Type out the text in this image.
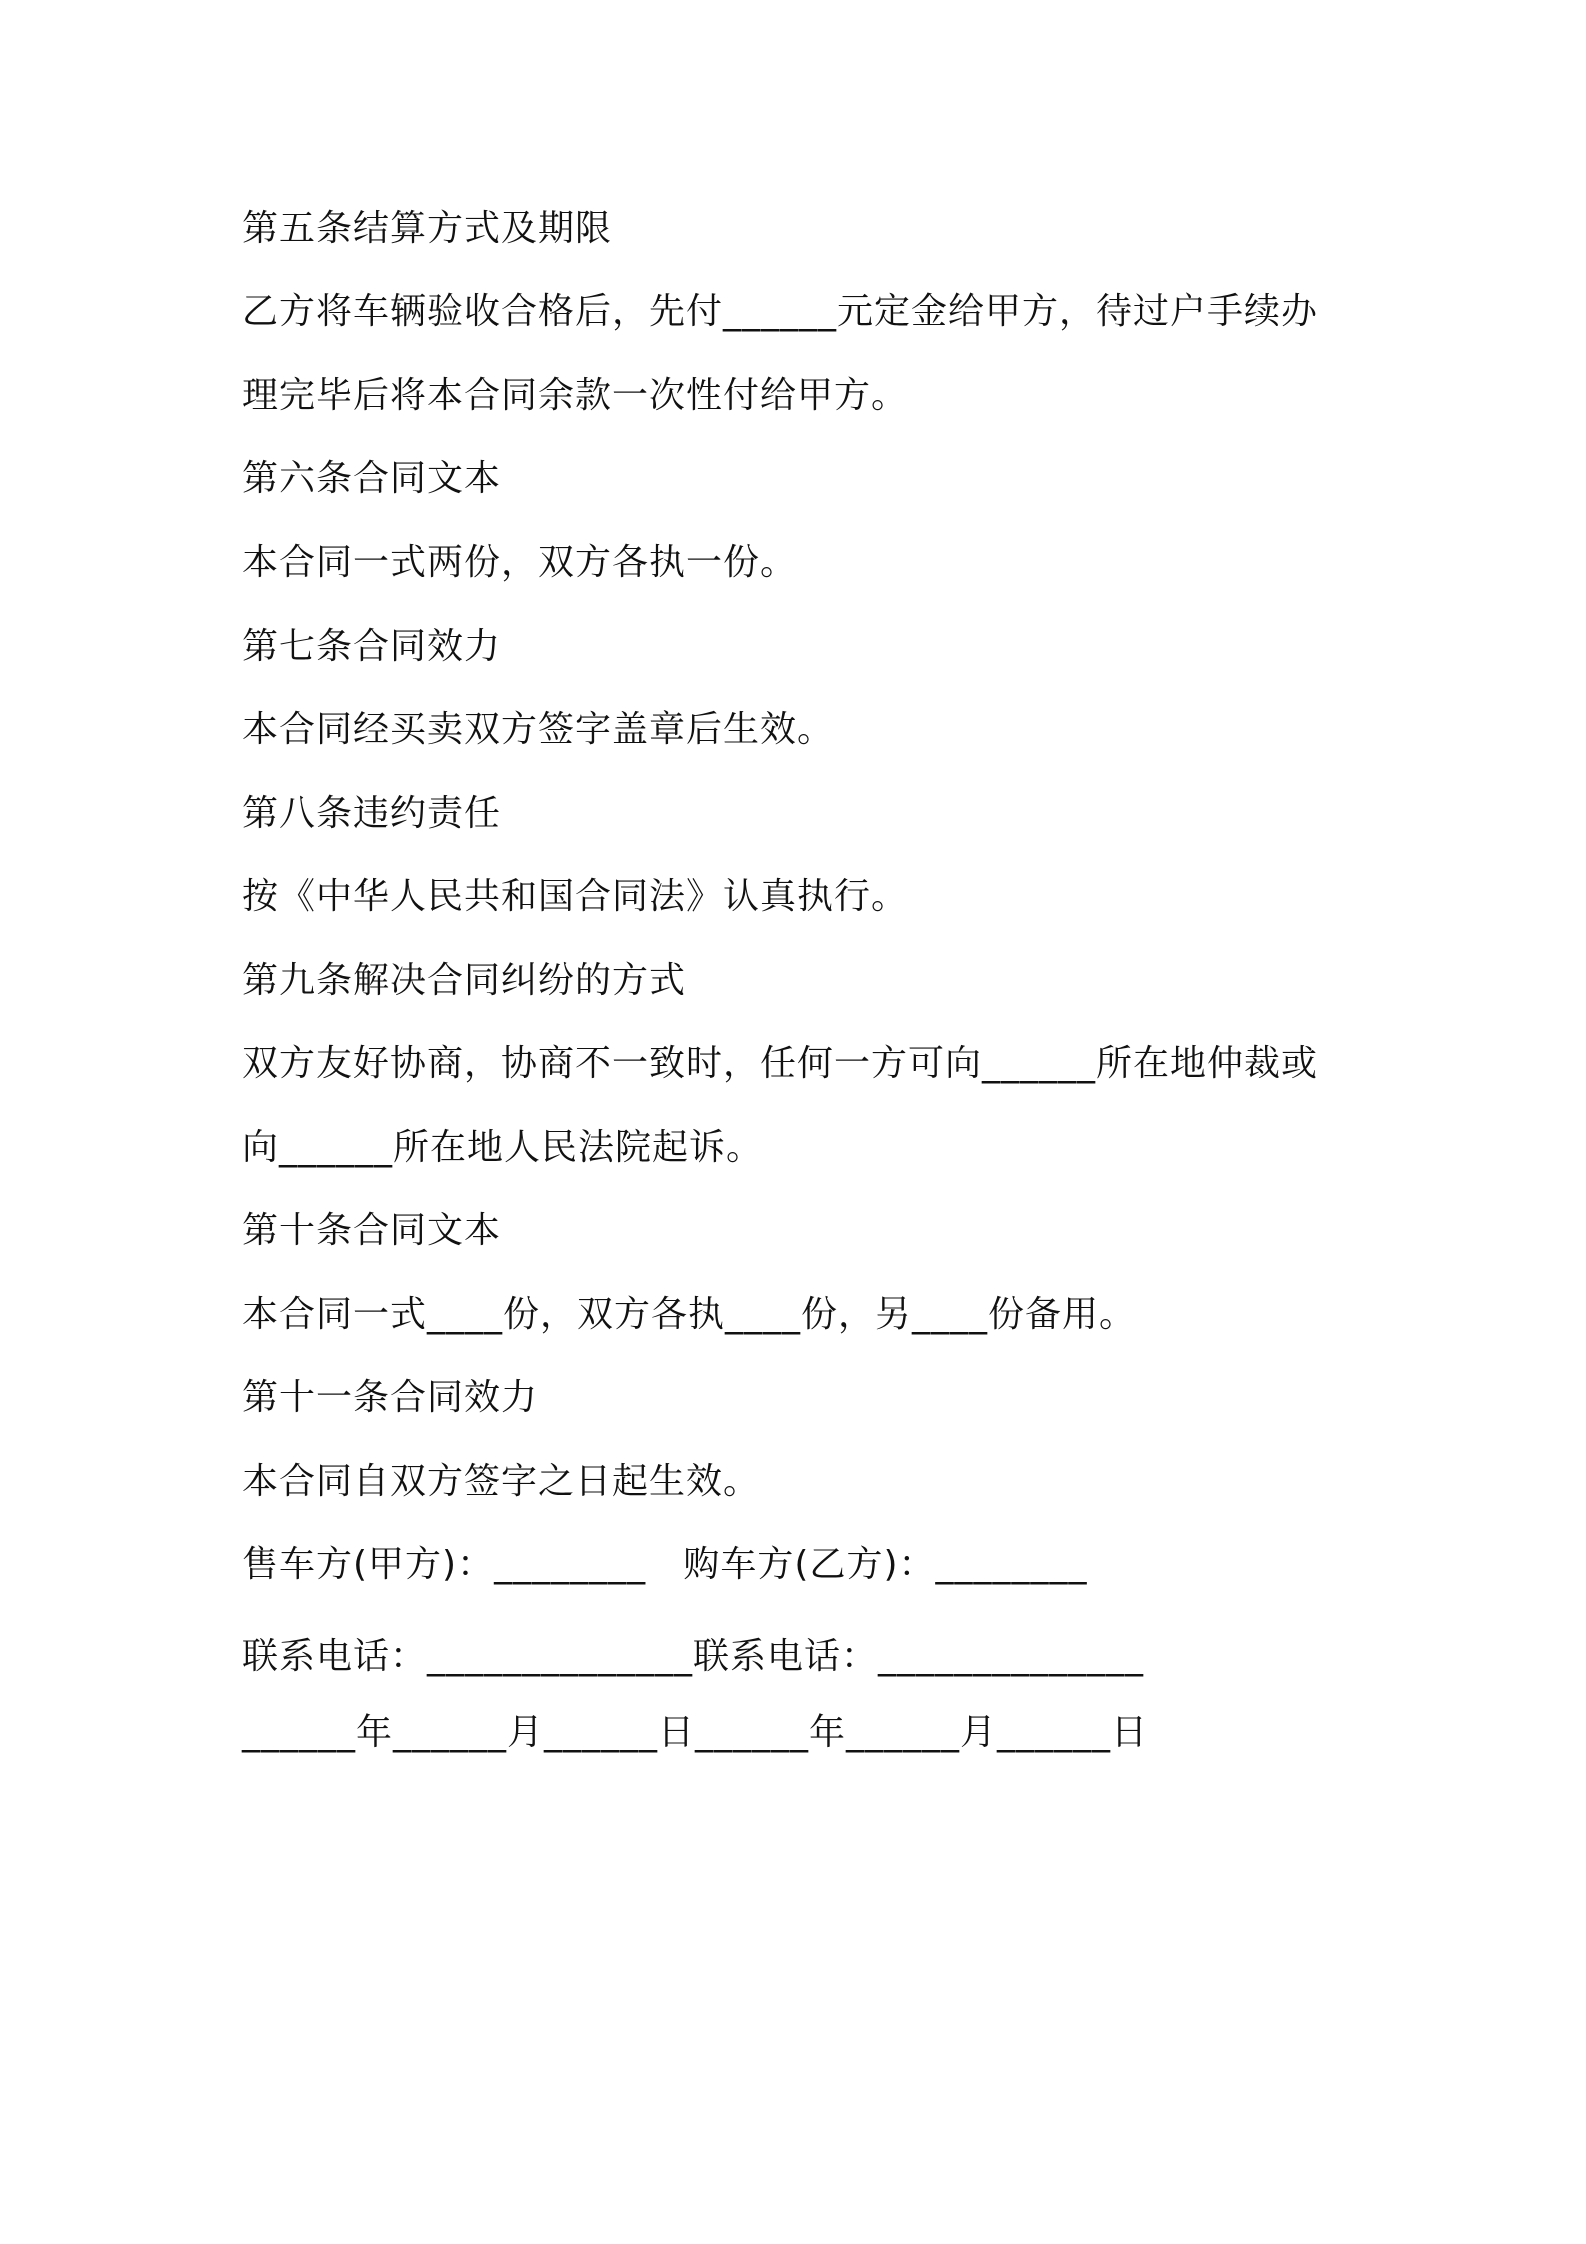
第五条结算方式及期限
乙方将车辆验收合格后，先付______元定金给甲方，待过户手续办
理完毕后将本合同余款一次性付给甲方。
第六条合同文本
本合同一式两份，双方各执一份。
第七条合同效力
本合同经买卖双方签字盖章后生效。
第八条违约责任
按《中华人民共和国合同法》认真执行。
第九条解决合同纠纷的方式
双方友好协商，协商不一致时，任何一方可向______所在地仲裁或
向______所在地人民法院起诉。
第十条合同文本
本合同一式____份，双方各执____份，另____份备用。
第十一条合同效力
本合同自双方签字之日起生效。
售车方(甲方)：________   购车方(乙方)：________
联系电话：______________联系电话：______________
______年______月______日______年______月______日
